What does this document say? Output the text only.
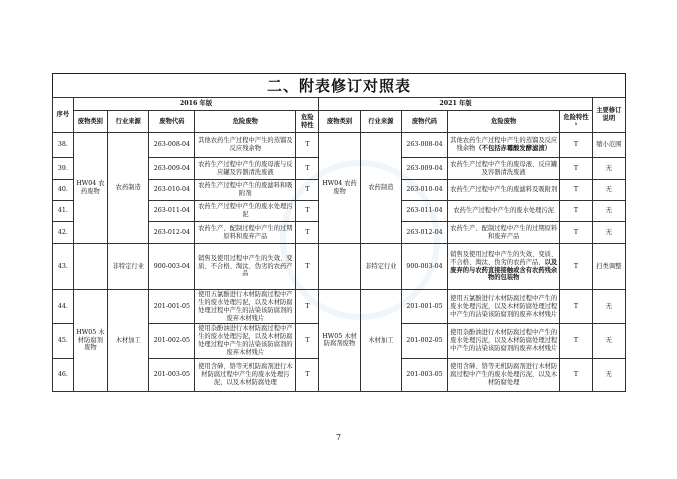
二、附表修订对照表
序号	2016 年版					2021 年版					主要修订说明
	废物类别	行业来源	废物代码	危险废物	危险特性	废物类别	行业来源	废物代码	危险废物	危险特性¹	
38.	HW04 农药废物	农药制造	263-008-04	其他农药生产过程中产生的蒸馏及反应残余物	T	HW04 农药废物	农药制造	263-008-04	其他农药生产过程中产生的蒸馏及反应残余物（不包括赤霉酸发酵滤渣）	T	缩小范围
39.			263-009-04	农药生产过程中产生的废母液与反应罐及容器清洗废液	T			263-009-04	农药生产过程中产生的废母液、反应罐及容器清洗废液	T	无
40.			263-010-04	农药生产过程中产生的废滤料和吸附剂	T			263-010-04	农药生产过程中产生的废滤料及吸附剂	T	无
41.			263-011-04	农药生产过程中产生的废水处理污泥	T			263-011-04	农药生产过程中产生的废水处理污泥	T	无
42.			263-012-04	农药生产、配制过程中产生的过期原料和废弃产品	T			263-012-04	农药生产、配制过程中产生的过期原料和废弃产品	T	无
43.		非特定行业	900-003-04	销售及使用过程中产生的失效、变质、不合格、淘汰、伪劣的农药产品	T		非特定行业	900-003-04	销售及使用过程中产生的失效、变质、不合格、淘汰、伪劣的农药产品，以及废弃的与农药直接接触或含有农药残余物的包装物	T	扫类调整
44.	HW05 木材防腐剂废物	木材加工	201-001-05	使用五氯酚进行木材防腐过程中产生的废水处理污泥，以及木材防腐处理过程中产生的沾染该防腐剂的废弃木材残片	T	HW05 木材防腐剂废物	木材加工	201-001-05	使用五氯酚进行木材防腐过程中产生的废水处理污泥，以及木材防腐处理过程中产生的沾染该防腐剂的废弃木材残片	T	无
45.			201-002-05	使用杂酚油进行木材防腐过程中产生的废水处理污泥，以及木材防腐处理过程中产生的沾染该防腐剂的废弃木材残片	T			201-002-05	使用杂酚油进行木材防腐过程中产生的废水处理污泥，以及木材防腐处理过程中产生的沾染该防腐剂的废弃木材残片	T	无
46.			201-003-05	使用含砷、铬等无机防腐剂进行木材防腐过程中产生的废水处理污泥，以及木材防腐处理	T			201-003-05	使用含砷、铬等无机防腐剂进行木材防腐过程中产生的废水处理污泥，以及木材防腐处理	T	无
7
